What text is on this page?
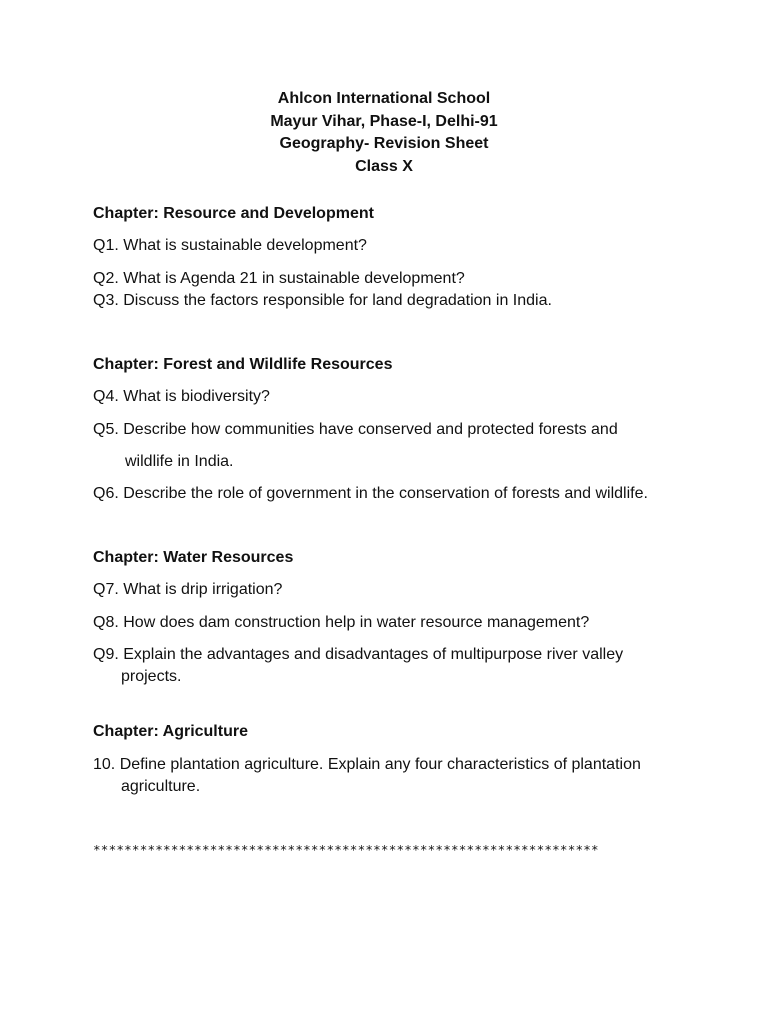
Ahlcon International School
Mayur Vihar, Phase-I, Delhi-91
Geography- Revision Sheet
Class X
Chapter: Resource and Development
Q1. What is sustainable development?
Q2. What is Agenda 21 in sustainable development?
Q3. Discuss the factors responsible for land degradation in India.
Chapter: Forest and Wildlife Resources
Q4. What is biodiversity?
Q5. Describe how communities have conserved and protected forests and
wildlife in India.
Q6. Describe the role of government in the conservation of forests and wildlife.
Chapter: Water Resources
Q7. What is drip irrigation?
Q8. How does dam construction help in water resource management?
Q9. Explain the advantages and disadvantages of multipurpose river valley
projects.
Chapter: Agriculture
10. Define plantation agriculture. Explain any four characteristics of plantation
agriculture.
*****************************************************************
